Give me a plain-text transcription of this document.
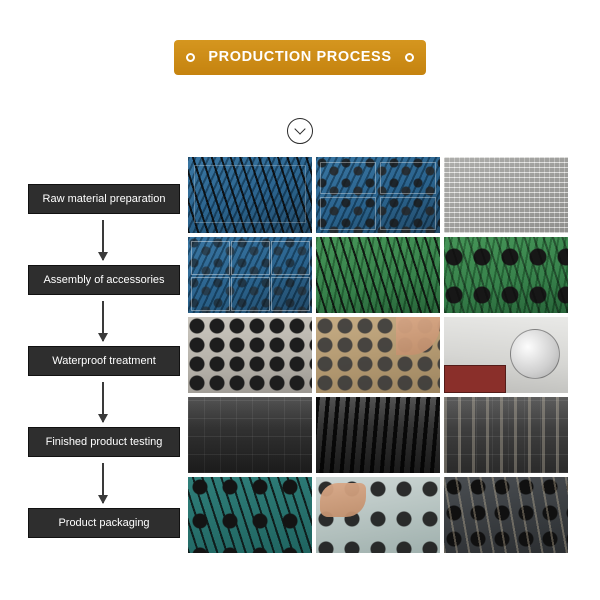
PRODUCTION PROCESS
Raw material preparation
Assembly of accessories
Waterproof treatment
Finished product testing
Product packaging
